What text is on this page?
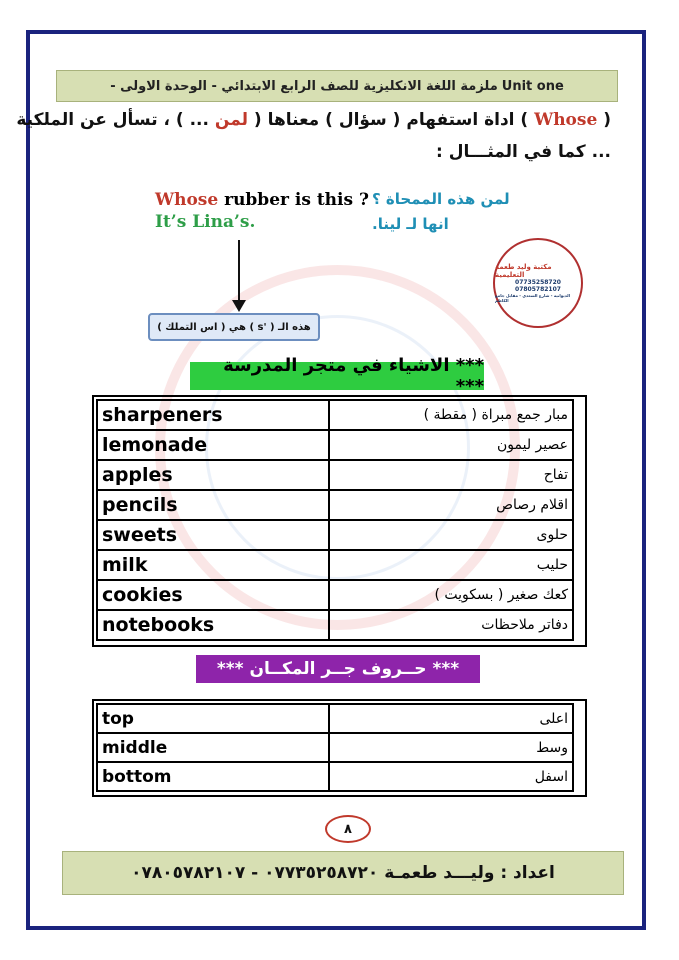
ملزمة اللغة الانكليزية للصف الرابع الابتدائي - الوحدة الاولى - Unit one
( Whose ) اداة استفهام ( سؤال ) معناها ( لمن ... ) ، تسأل عن الملكية
... كما في المثـــال :
Whose rubber is this ?
It’s Lina’s.
لمن هذه الممحاة ؟
انها لـ لينا.
هذه الـ ( 's ) هي ( اس التملك )
مكتبة وليد طعمة التعليمية
07735258720
07805782107
الديوانية - شارع السعدي - مقابل جامع الكاظم
*** الاشياء في متجر المدرسة ***
sharpeners	مبار جمع مبراة ( مقطة )
lemonade	عصير ليمون
apples	تفاح
pencils	اقلام رصاص
sweets	حلوى
milk	حليب
cookies	كعك صغير ( بسكويت )
notebooks	دفاتر ملاحظات
*** حــروف جــر المكــان ***
top	اعلى
middle	وسط
bottom	اسفل
٨
اعداد : وليـــد طعمـة ٠٧٧٣٥٢٥٨٧٢٠ - ٠٧٨٠٥٧٨٢١٠٧
